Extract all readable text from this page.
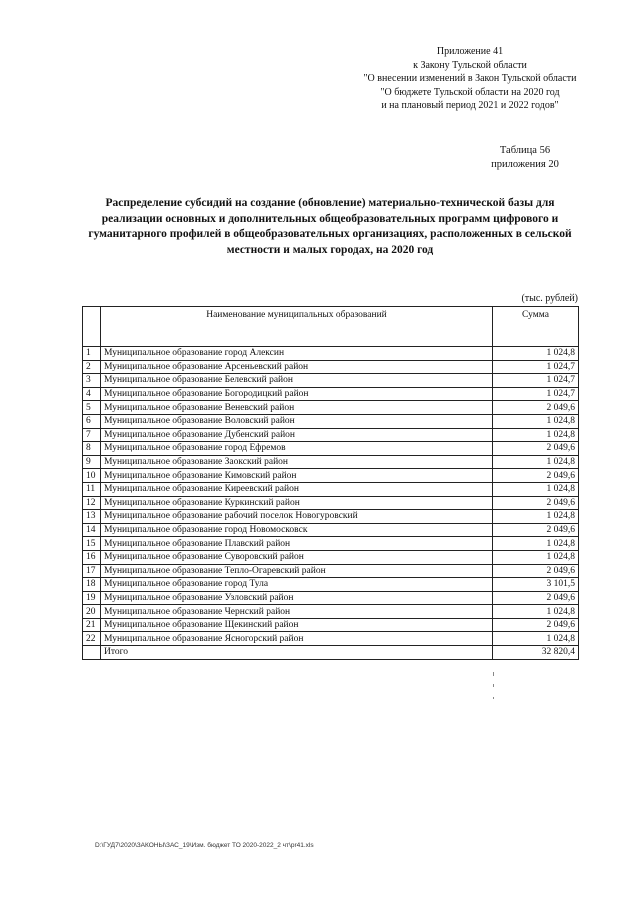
Приложение 41
к Закону Тульской области
"О внесении изменений в Закон Тульской области
"О бюджете Тульской области на 2020 год
и на плановый период 2021 и 2022 годов"
Таблица 56
приложения 20
Распределение субсидий на создание (обновление) материально-технической базы для реализации основных и дополнительных общеобразовательных программ цифрового и гуманитарного профилей в общеобразовательных организациях, расположенных в сельской местности и малых городах, на 2020 год
(тыс. рублей)
	Наименование муниципальных образований	Сумма
1	Муниципальное образование город Алексин	1 024,8
2	Муниципальное образование Арсеньевский район	1 024,7
3	Муниципальное образование Белевский район	1 024,7
4	Муниципальное образование Богородицкий район	1 024,7
5	Муниципальное образование Веневский район	2 049,6
6	Муниципальное образование Воловский район	1 024,8
7	Муниципальное образование Дубенский район	1 024,8
8	Муниципальное образование город Ефремов	2 049,6
9	Муниципальное образование Заокский район	1 024,8
10	Муниципальное образование Кимовский район	2 049,6
11	Муниципальное образование Киреевский район	1 024,8
12	Муниципальное образование Куркинский район	2 049,6
13	Муниципальное образование рабочий поселок Новогуровский	1 024,8
14	Муниципальное образование город Новомосковск	2 049,6
15	Муниципальное образование Плавский район	1 024,8
16	Муниципальное образование Суворовский район	1 024,8
17	Муниципальное образование Тепло-Огаревский район	2 049,6
18	Муниципальное образование город Тула	3 101,5
19	Муниципальное образование Узловский район	2 049,6
20	Муниципальное образование Чернский район	1 024,8
21	Муниципальное образование Щекинский район	2 049,6
22	Муниципальное образование Ясногорский район	1 024,8
	Итого	32 820,4
D:\ГУД7\2020\ЗАКОНЫ\ЗАС_19\Изм. бюджет ТО 2020-2022_2 чт\pr41.xls
